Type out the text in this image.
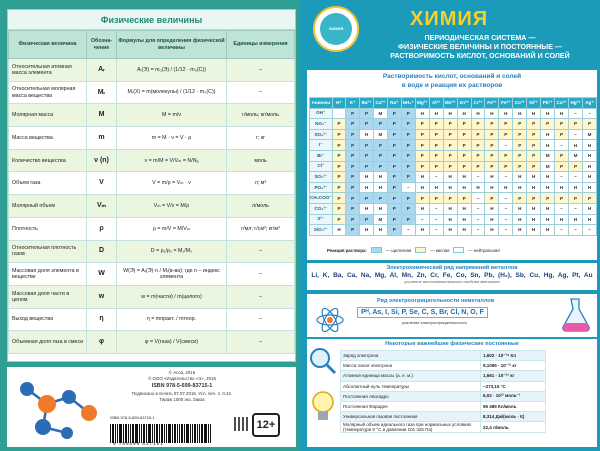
Физические величины
Физическая величина	Обозна-чение	Формулы для определения физической величины	Единицы измерения
Относительная атомная масса элемента	Aᵣ	Aᵣ(Э) = m₀(Э) / (1/12 · m₀(C))	–
Относительная молярная масса вещества	Mᵣ	Mᵣ(X) = m(молекулы) / (1/12 · m₀(C))	–
Молярная масса	M	M = m/ν	г/моль; кг/моль
Масса вещества	m	m = M · ν = V · ρ	г; кг
Количество вещества	ν (n)	ν = m/M = V/Vₘ = N/Nₐ	моль
Объем газа	V	V = m/ρ = Vₘ · ν	л; м³
Молярный объем	Vₘ	Vₘ = V/ν = M/ρ	л/моль
Плотность	ρ	ρ = m/V = M/Vₘ	г/мл; г/см³; кг/м³
Относительная плотность газов	D	D = ρ₁/ρ₂ = M₁/M₂	–
Массовая доля элемента в веществе	W	W(Э) = Aᵣ(Э)·n / Mᵣ(в-ва); где n – индекс элемента	–
Массовая доля части в целом	w	w = m(части) / m(целого)	–
Выход вещества	η	η = mпракт. / mтеор.	–
Объемная доля газа в смеси	φ	φ = V(газа) / V(смеси)	–
© Асса, 2016
© ООО «Издательство «Э», 2016
ISBN 978-5-699-83715-1
Подписано в печать 07.07.2016. Усл. печ. л. 0,42.
Тираж 1000 экз. Заказ
ISBN 978-5-699-83715-1
9 785699 837151
12+
ХИМИЯ	ХИМИЯ
ПЕРИОДИЧЕСКАЯ СИСТЕМА —
ФИЗИЧЕСКИЕ ВЕЛИЧИНЫ И ПОСТОЯННЫЕ —
РАСТВОРИМОСТЬ КИСЛОТ, ОСНОВАНИЙ И СОЛЕЙ
Растворимость кислот, оснований и солей
в воде и реакция их растворов
Анионы	H⁺	K⁺	Ba²⁺	Ca²⁺	Na⁺	NH₄⁺	Mg²⁺	Al³⁺	Mn²⁺	Zn²⁺	Cr³⁺	Fe²⁺	Fe³⁺	Co²⁺	Ni²⁺	Pb²⁺	Cu²⁺	Hg²⁺	Ag⁺
OH⁻		Р	Р	М	Р	Р	Н	Н	Н	Н	Н	Н	Н	Н	Н	Н	Н	–	–
NO₃⁻	Р	Р	Р	Р	Р	Р	Р	Р	Р	Р	Р	Р	Р	Р	Р	Р	Р	Р	Р
SO₄²⁻	Р	Р	Н	М	Р	Р	Р	Р	Р	Р	Р	Р	Р	Р	Р	Н	Р	–	М
I⁻	Р	Р	Р	Р	Р	Р	Р	Р	Р	Р	Р	Р	–	Р	Р	Н	–	Н	Н
Br⁻	Р	Р	Р	Р	Р	Р	Р	Р	Р	Р	Р	Р	Р	Р	Р	М	Р	М	Н
Cl⁻	Р	Р	Р	Р	Р	Р	Р	Р	Р	Р	Р	Р	Р	Р	Р	М	Р	Р	Н
SO₃²⁻	Р	Р	Н	Н	Р	Р	Н	–	Н	Н	–	Н	–	Н	Н	Н	–	–	Н
PO₄³⁻	Р	Р	Н	Н	Р	–	Н	Н	Н	Н	Н	Н	Н	Н	Н	Н	Н	Н	Н
CH₃COO⁻	Р	Р	Р	Р	Р	Р	Р	Р	Р	Р	–	Р	–	Р	Р	Р	Р	Р	Р
CO₃²⁻	Р	Р	Н	Н	Р	Р	Н	–	Н	Н	–	Н	–	Н	Н	Н	–	–	Н
S²⁻	Р	Р	Р	М	Р	Р	–	–	Н	Н	–	Н	–	Н	Н	Н	Н	Н	Н
SiO₃²⁻	Н	Р	Н	Н	Р	–	Н	–	Н	Н	–	Н	–	Н	Н	Н	–	–	–
Реакция раствора:	— щелочная	— кислая	— нейтральная
Электрохимический ряд напряжений металлов
Li, K, Ba, Ca, Na, Mg, Al, Mn, Zn, Cr, Fe, Co, Sn, Pb, (H₂), Sb, Cu, Hg, Ag, Pt, Au
усиление восстановительных свойств металлов
Ряд электроотрицательности неметаллов
Pᴴ, As, I, Si, P, Se, C, S, Br, Cl, N, O, F
усиление электроотрицательности
Некоторые важнейшие физические постоянные
Заряд электрона	1,602 · 10⁻¹⁹ Кл
Масса покоя электрона	9,1095 · 10⁻³¹ кг
Атомная единица массы (а. е. м.)	1,661 · 10⁻²⁷ кг
Абсолютный нуль температуры	−273,15 °С
Постоянная Авогадро	6,02 · 10²³ моль⁻¹
Постоянная Фарадея	96 485 Кл/моль
Универсальная газовая постоянная	8,314 Дж/(моль · К)
Молярный объем идеального газа при нормальных условиях (температуре 0 °С и давлении 101 325 Па)	22,4 л/моль
